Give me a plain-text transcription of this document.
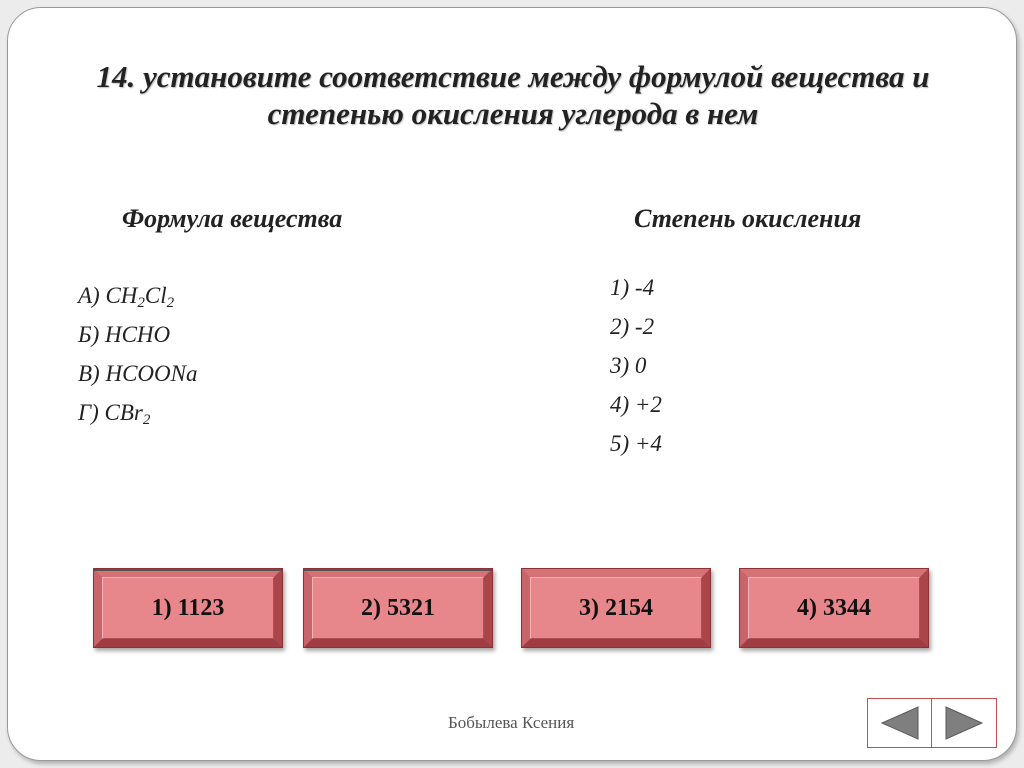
14. установите соответствие между формулой вещества и степенью окисления углерода в нем
Формула вещества	Степень окисления
А) $CH_2Cl_2$
Б) HCHO
В) HCOONa
Г) CBr$_2$
1) -4
2) -2
3) 0
4) +2
5) +4
1) 1123	2) 5321	3) 2154	4) 3344
Бобылева Ксения
